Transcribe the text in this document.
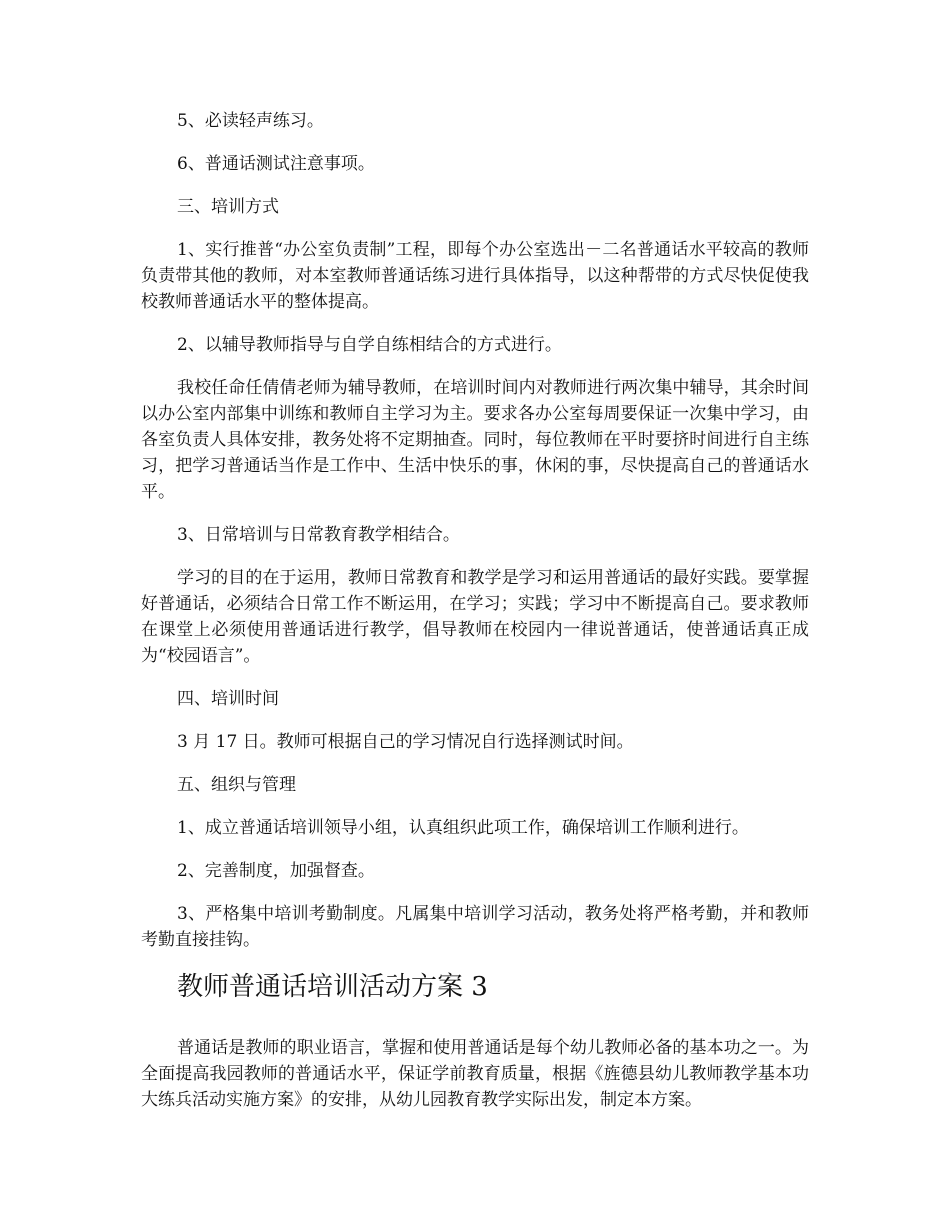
5、必读轻声练习。

6、普通话测试注意事项。

三、培训方式

1、实行推普“办公室负责制”工程，即每个办公室选出－二名普通话水平较高的教师负责带其他的教师，对本室教师普通话练习进行具体指导，以这种帮带的方式尽快促使我校教师普通话水平的整体提高。

2、以辅导教师指导与自学自练相结合的方式进行。

我校任命任倩倩老师为辅导教师，在培训时间内对教师进行两次集中辅导，其余时间以办公室内部集中训练和教师自主学习为主。要求各办公室每周要保证一次集中学习，由各室负责人具体安排，教务处将不定期抽查。同时，每位教师在平时要挤时间进行自主练习，把学习普通话当作是工作中、生活中快乐的事，休闲的事，尽快提高自己的普通话水平。

3、日常培训与日常教育教学相结合。

学习的目的在于运用，教师日常教育和教学是学习和运用普通话的最好实践。要掌握好普通话，必须结合日常工作不断运用，在学习；实践；学习中不断提高自己。要求教师在课堂上必须使用普通话进行教学，倡导教师在校园内一律说普通话，使普通话真正成为“校园语言”。

四、培训时间

3 月 17 日。教师可根据自己的学习情况自行选择测试时间。

五、组织与管理

1、成立普通话培训领导小组，认真组织此项工作，确保培训工作顺利进行。

2、完善制度，加强督查。

3、严格集中培训考勤制度。凡属集中培训学习活动，教务处将严格考勤，并和教师考勤直接挂钩。

教师普通话培训活动方案 3

普通话是教师的职业语言，掌握和使用普通话是每个幼儿教师必备的基本功之一。为全面提高我园教师的普通话水平，保证学前教育质量，根据《旌德县幼儿教师教学基本功大练兵活动实施方案》的安排，从幼儿园教育教学实际出发，制定本方案。
